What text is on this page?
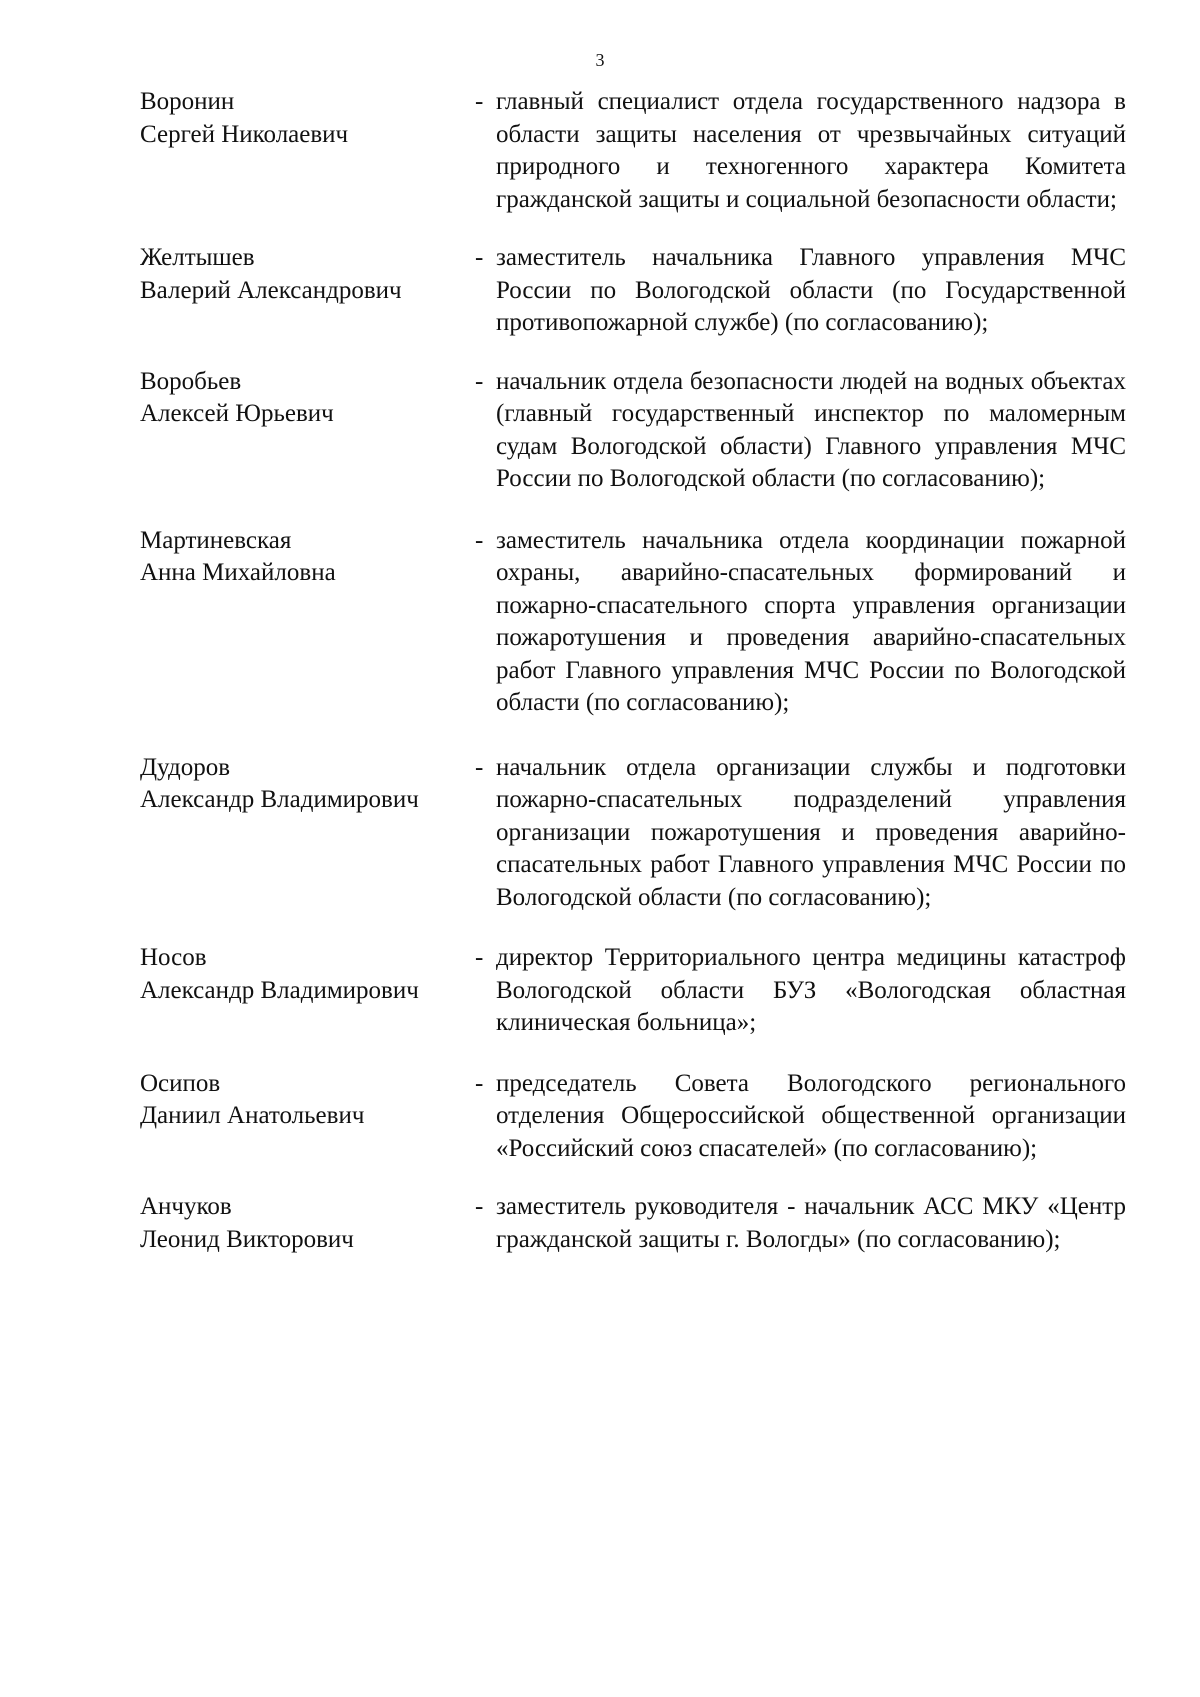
3
Воронин
Сергей Николаевич
- главный специалист отдела государственного надзора в области защиты населения от чрезвычайных ситуаций природного и техногенного характера Комитета гражданской защиты и социальной безопасности области;
Желтышев
Валерий Александрович
- заместитель начальника Главного управления МЧС России по Вологодской области (по Государственной противопожарной службе) (по согласованию);
Воробьев
Алексей Юрьевич
- начальник отдела безопасности людей на водных объектах (главный государственный инспектор по маломерным судам Вологодской области) Главного управления МЧС России по Вологодской области (по согласованию);
Мартиневская
Анна Михайловна
- заместитель начальника отдела координации пожарной охраны, аварийно-спасательных формирований и пожарно-спасательного спорта управления организации пожаротушения и проведения аварийно-спасательных работ Главного управления МЧС России по Вологодской области (по согласованию);
Дудоров
Александр Владимирович
- начальник отдела организации службы и подготовки пожарно-спасательных подразделений управления организации пожаротушения и проведения аварийно-спасательных работ Главного управления МЧС России по Вологодской области (по согласованию);
Носов
Александр Владимирович
- директор Территориального центра медицины катастроф Вологодской области БУЗ «Вологодская областная клиническая больница»;
Осипов
Даниил Анатольевич
- председатель Совета Вологодского регионального отделения Общероссийской общественной организации «Российский союз спасателей» (по согласованию);
Анчуков
Леонид Викторович
- заместитель руководителя - начальник АСС МКУ «Центр гражданской защиты г. Вологды» (по согласованию);
